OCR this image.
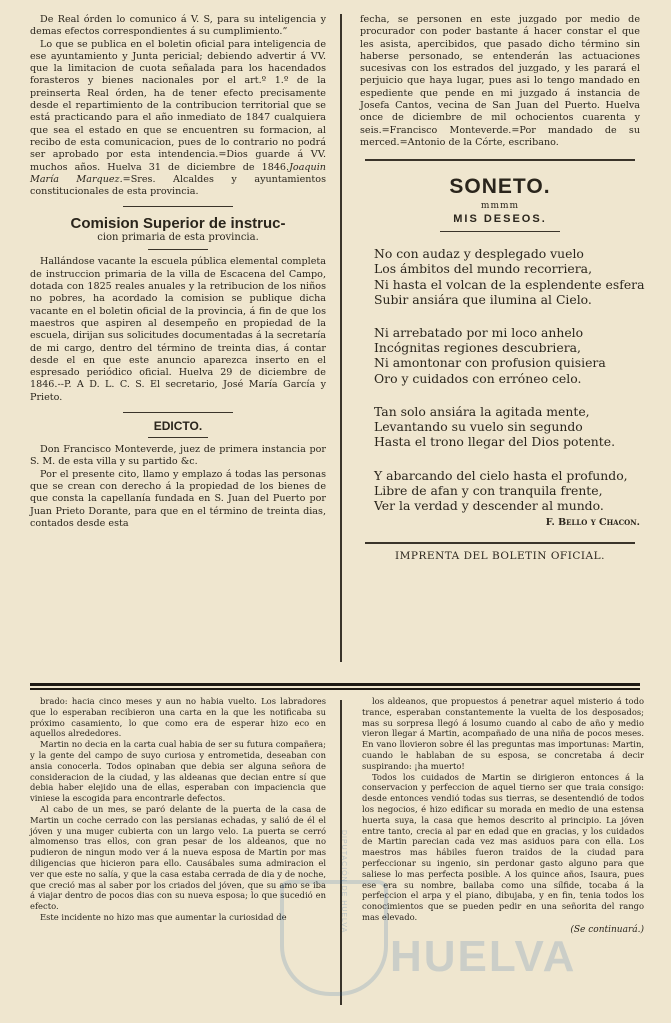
De Real órden lo comunico á V. S, para su inteligencia y demas efectos correspondientes á su cumplimiento.”

Lo que se publica en el boletin oficial para inteligencia de ese ayuntamiento y Junta pericial; debiendo advertir á VV. que la limitacion de cuota señalada para los hacendados forasteros y bienes nacionales por el art.º 1.º de la preinserta Real órden, ha de tener efecto precisamente desde el repartimiento de la contribucion territorial que se está practicando para el año inmediato de 1847 cualquiera que sea el estado en que se encuentren su formacion, al recibo de esta comunicacion, pues de lo contrario no podrá ser aprobado por esta intendencia.=Dios guarde á VV. muchos años. Huelva 31 de diciembre de 1846.Joaquin María Marquez.=Sres. Alcaldes y ayuntamientos constitucionales de esta provincia.

Comision Superior de instruc-
cion primaria de esta provincia.

Hallándose vacante la escuela pública elemental completa de instruccion primaria de la villa de Escacena del Campo, dotada con 1825 reales anuales y la retribucion de los niños no pobres, ha acordado la comision se publique dicha vacante en el boletin oficial de la provincia, á fin de que los maestros que aspiren al desempeño en propiedad de la escuela, dirijan sus solicitudes documentadas á la secretaría de mi cargo, dentro del término de treinta dias, á contar desde el en que este anuncio aparezca inserto en el espresado periódico oficial. Huelva 29 de diciembre de 1846.--P. A D. L. C. S. El secretario, José María García y Prieto.

EDICTO.

Don Francisco Monteverde, juez de primera instancia por S. M. de esta villa y su partido &c.

Por el presente cito, llamo y emplazo á todas las personas que se crean con derecho á la propiedad de los bienes de que consta la capellanía fundada en S. Juan del Puerto por Juan Prieto Dorante, para que en el término de treinta dias, contados desde esta

fecha, se personen en este juzgado por medio de procurador con poder bastante á hacer constar el que les asista, apercibidos, que pasado dicho término sin haberse personado, se entenderán las actuaciones sucesivas con los estrados del juzgado, y les parará el perjuicio que haya lugar, pues asi lo tengo mandado en espediente que pende en mi juzgado á instancia de Josefa Cantos, vecina de San Juan del Puerto. Huelva once de diciembre de mil ochocientos cuarenta y seis.=Francisco Monteverde.=Por mandado de su merced.=Antonio de la Córte, escribano.

SONETO.
mmmm
MIS DESEOS.
No con audaz y desplegado vuelo
Los ámbitos del mundo recorriera,
Ni hasta el volcan de la esplendente esfera
Subir ansiára que ilumina al Cielo.
Ni arrebatado por mi loco anhelo
Incógnitas regiones descubriera,
Ni amontonar con profusion quisiera
Oro y cuidados con erróneo celo.
Tan solo ansiára la agitada mente,
Levantando su vuelo sin segundo
Hasta el trono llegar del Dios potente.
Y abarcando del cielo hasta el profundo,
Libre de afan y con tranquila frente,
Ver la verdad y descender al mundo.
F. Bello y Chacon.
IMPRENTA DEL BOLETIN OFICIAL.

brado: hacia cinco meses y aun no habia vuelto. Los labradores que lo esperaban recibieron una carta en la que les notificaba su próximo casamiento, lo que como era de esperar hizo eco en aquellos alrededores.

Martin no decia en la carta cual habia de ser su futura compañera; y la gente del campo de suyo curiosa y entrometida, deseaban con ansia conocerla. Todos opinaban que debia ser alguna señora de consideracion de la ciudad, y las aldeanas que decian entre sí que debia haber elejido una de ellas, esperaban con impaciencia que viniese la escogida para encontrarle defectos.

Al cabo de un mes, se paró delante de la puerta de la casa de Martin un coche cerrado con las persianas echadas, y salió de él el jóven y una muger cubierta con un largo velo. La puerta se cerró almomenso tras ellos, con gran pesar de los aldeanos, que no pudieron de ningun modo ver á la nueva esposa de Martin por mas diligencias que hicieron para ello. Causábales suma admiracion el ver que este no salía, y que la casa estaba cerrada de dia y de noche, que creció mas al saber por los criados del jóven, que su amo se iba á viajar dentro de pocos dias con su nueva esposa; lo que sucedió en efecto.

Este incidente no hizo mas que aumentar la curiosidad de

los aldeanos, que propuestos á penetrar aquel misterio á todo trance, esperaban constantemente la vuelta de los desposados; mas su sorpresa llegó á losumo cuando al cabo de año y medio vieron llegar á Martin, acompañado de una niña de pocos meses. En vano llovieron sobre él las preguntas mas importunas: Martin, cuando le hablaban de su esposa, se concretaba á decir suspirando: ¡ha muerto!

Todos los cuidados de Martin se dirigieron entonces á la conservacion y perfeccion de aquel tierno ser que traia consigo: desde entonces vendió todas sus tierras, se desentendió de todos los negocios, é hizo edificar su morada en medio de una estensa huerta suya, la casa que hemos descrito al principio. La jóven entre tanto, crecia al par en edad que en gracias, y los cuidados de Martin parecian cada vez mas asiduos para con ella. Los maestros mas hábiles fueron traidos de la ciudad para perfeccionar su ingenio, sin perdonar gasto alguno para que saliese lo mas perfecta posible. A los quince años, Isaura, pues ese era su nombre, bailaba como una sílfide, tocaba á la perfeccion el arpa y el piano, dibujaba, y en fin, tenia todos los conocimientos que se pueden pedir en una señorita del rango mas elevado.

(Se continuará.)
HUELVA
DIPUTACIÓN DE HUELVA
